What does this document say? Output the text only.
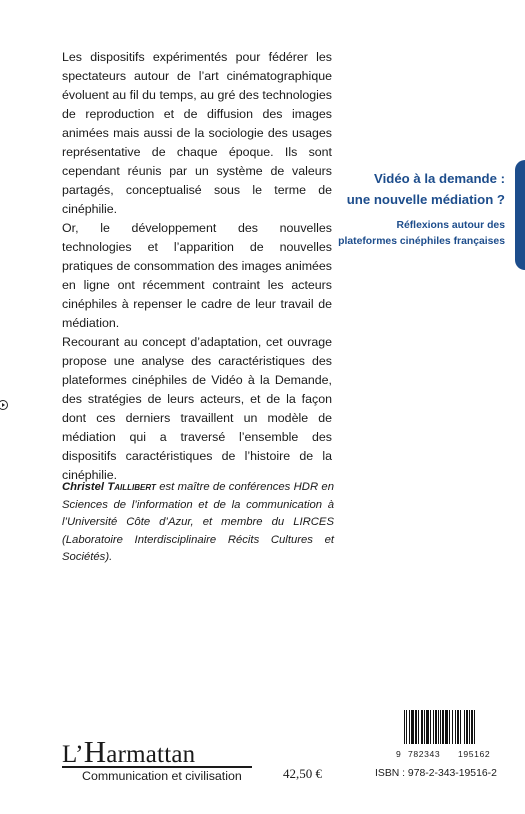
Les dispositifs expérimentés pour fédérer les spectateurs autour de l’art cinématographique évoluent au fil du temps, au gré des technologies de reproduction et de diffusion des images animées mais aussi de la sociologie des usages représentative de chaque époque. Ils sont cependant réunis par un système de valeurs partagés, conceptualisé sous le terme de cinéphilie.

Or, le développement des nouvelles technologies et l’apparition de nouvelles pratiques de consommation des images animées en ligne ont récemment contraint les acteurs cinéphiles à repenser le cadre de leur travail de médiation.

Recourant au concept d’adaptation, cet ouvrage propose une analyse des caractéristiques des plateformes cinéphiles de Vidéo à la Demande, des stratégies de leurs acteurs, et de la façon dont ces derniers travaillent un modèle de médiation qui a traversé l’ensemble des dispositifs caractéristiques de l’histoire de la cinéphilie.

Vidéo à la demande :
une nouvelle médiation ?
Réflexions autour des
plateformes cinéphiles françaises

Christel Taillibert est maître de conférences HDR en Sciences de l’information et de la communication à l’Université Côte d’Azur, et membre du LIRCES (Laboratoire Interdisciplinaire Récits Cultures et Sociétés).

L’Harmattan
Communication et civilisation	42,50 €
9 782343	195162
ISBN : 978-2-343-19516-2
